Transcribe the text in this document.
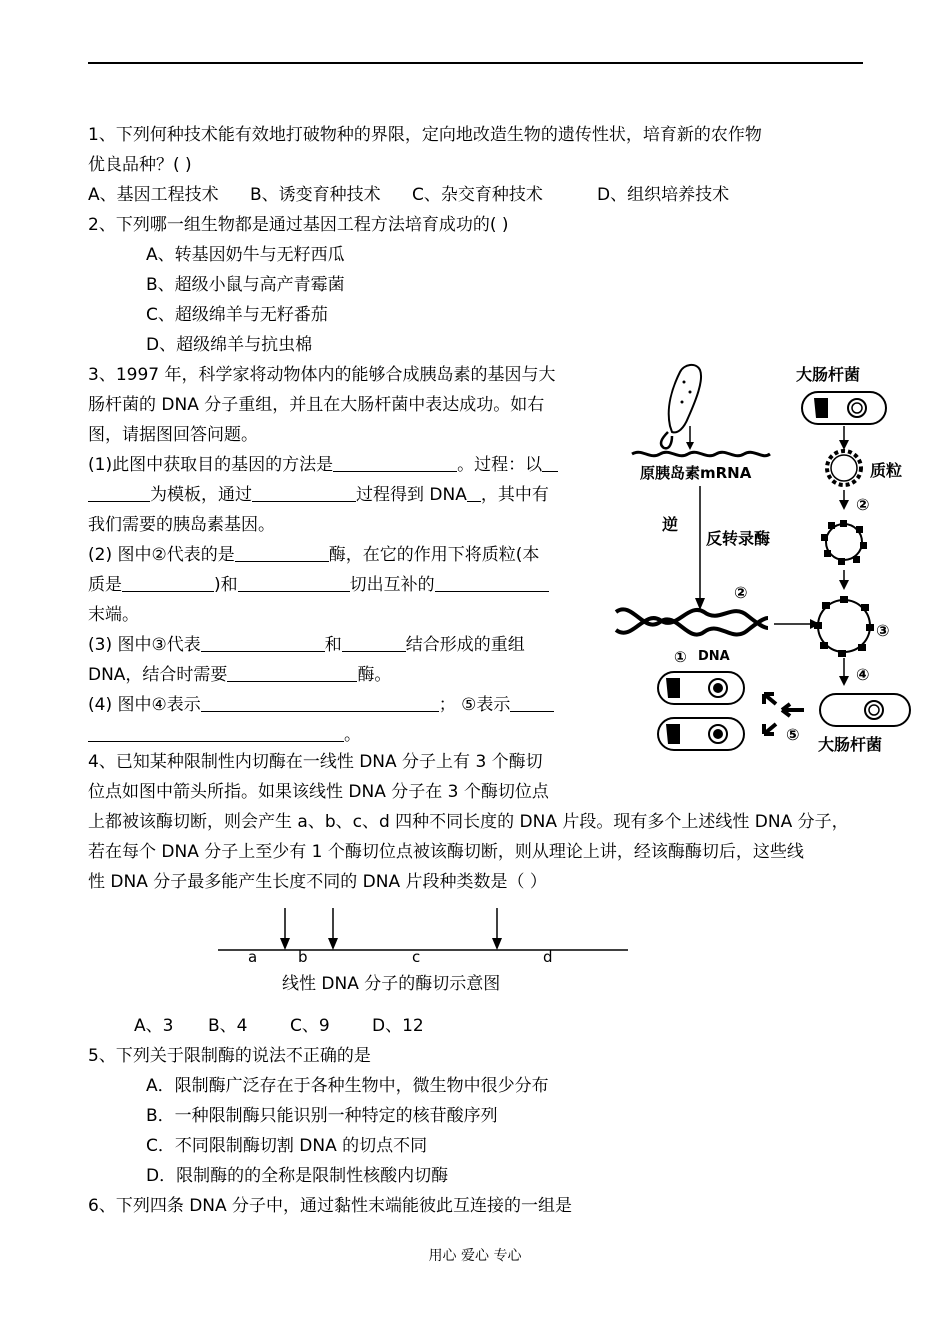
1、下列何种技术能有效地打破物种的界限，定向地改造生物的遗传性状，培育新的农作物
优良品种？( )
A、基因工程技术 B、诱变育种技术 C、杂交育种技术	D、组织培养技术
2、下列哪一组生物都是通过基因工程方法培育成功的( )
A、转基因奶牛与无籽西瓜
B、超级小鼠与高产青霉菌
C、超级绵羊与无籽番茄
D、超级绵羊与抗虫棉
3、1997 年，科学家将动物体内的能够合成胰岛素的基因与大
肠杆菌的 DNA 分子重组，并且在大肠杆菌中表达成功。如右
图，请据图回答问题。
(1)此图中获取目的基因的方法是	。过程：以
为模板，通过	过程得到 DNA ，其中有
我们需要的胰岛素基因。
(2) 图中②代表的是	酶，在它的作用下将质粒(本
质是	)和	切出互补的
末端。
(3) 图中③代表	和	结合形成的重组
DNA，结合时需要	酶。
(4) 图中④表示	； ⑤表示
。
原胰岛素mRNA
逆
反转录酶
②
① DNA
大肠杆菌
质粒
②
③
④
大肠杆菌
⑤
4、已知某种限制性内切酶在一线性 DNA 分子上有 3 个酶切
位点如图中箭头所指。如果该线性 DNA 分子在 3 个酶切位点
上都被该酶切断，则会产生 a、b、c、d 四种不同长度的 DNA 片段。现有多个上述线性 DNA 分子，
若在每个 DNA 分子上至少有 1 个酶切位点被该酶切断，则从理论上讲，经该酶酶切后，这些线
性 DNA 分子最多能产生长度不同的 DNA 片段种类数是（ ）
a	b	c	d
线性 DNA 分子的酶切示意图
A、3 B、4	C、9 D、12
5、下列关于限制酶的说法不正确的是
A．限制酶广泛存在于各种生物中，微生物中很少分布
B．一种限制酶只能识别一种特定的核苷酸序列
C．不同限制酶切割 DNA 的切点不同
D．限制酶的的全称是限制性核酸内切酶
6、下列四条 DNA 分子中，通过黏性末端能彼此互连接的一组是
用心 爱心 专心
